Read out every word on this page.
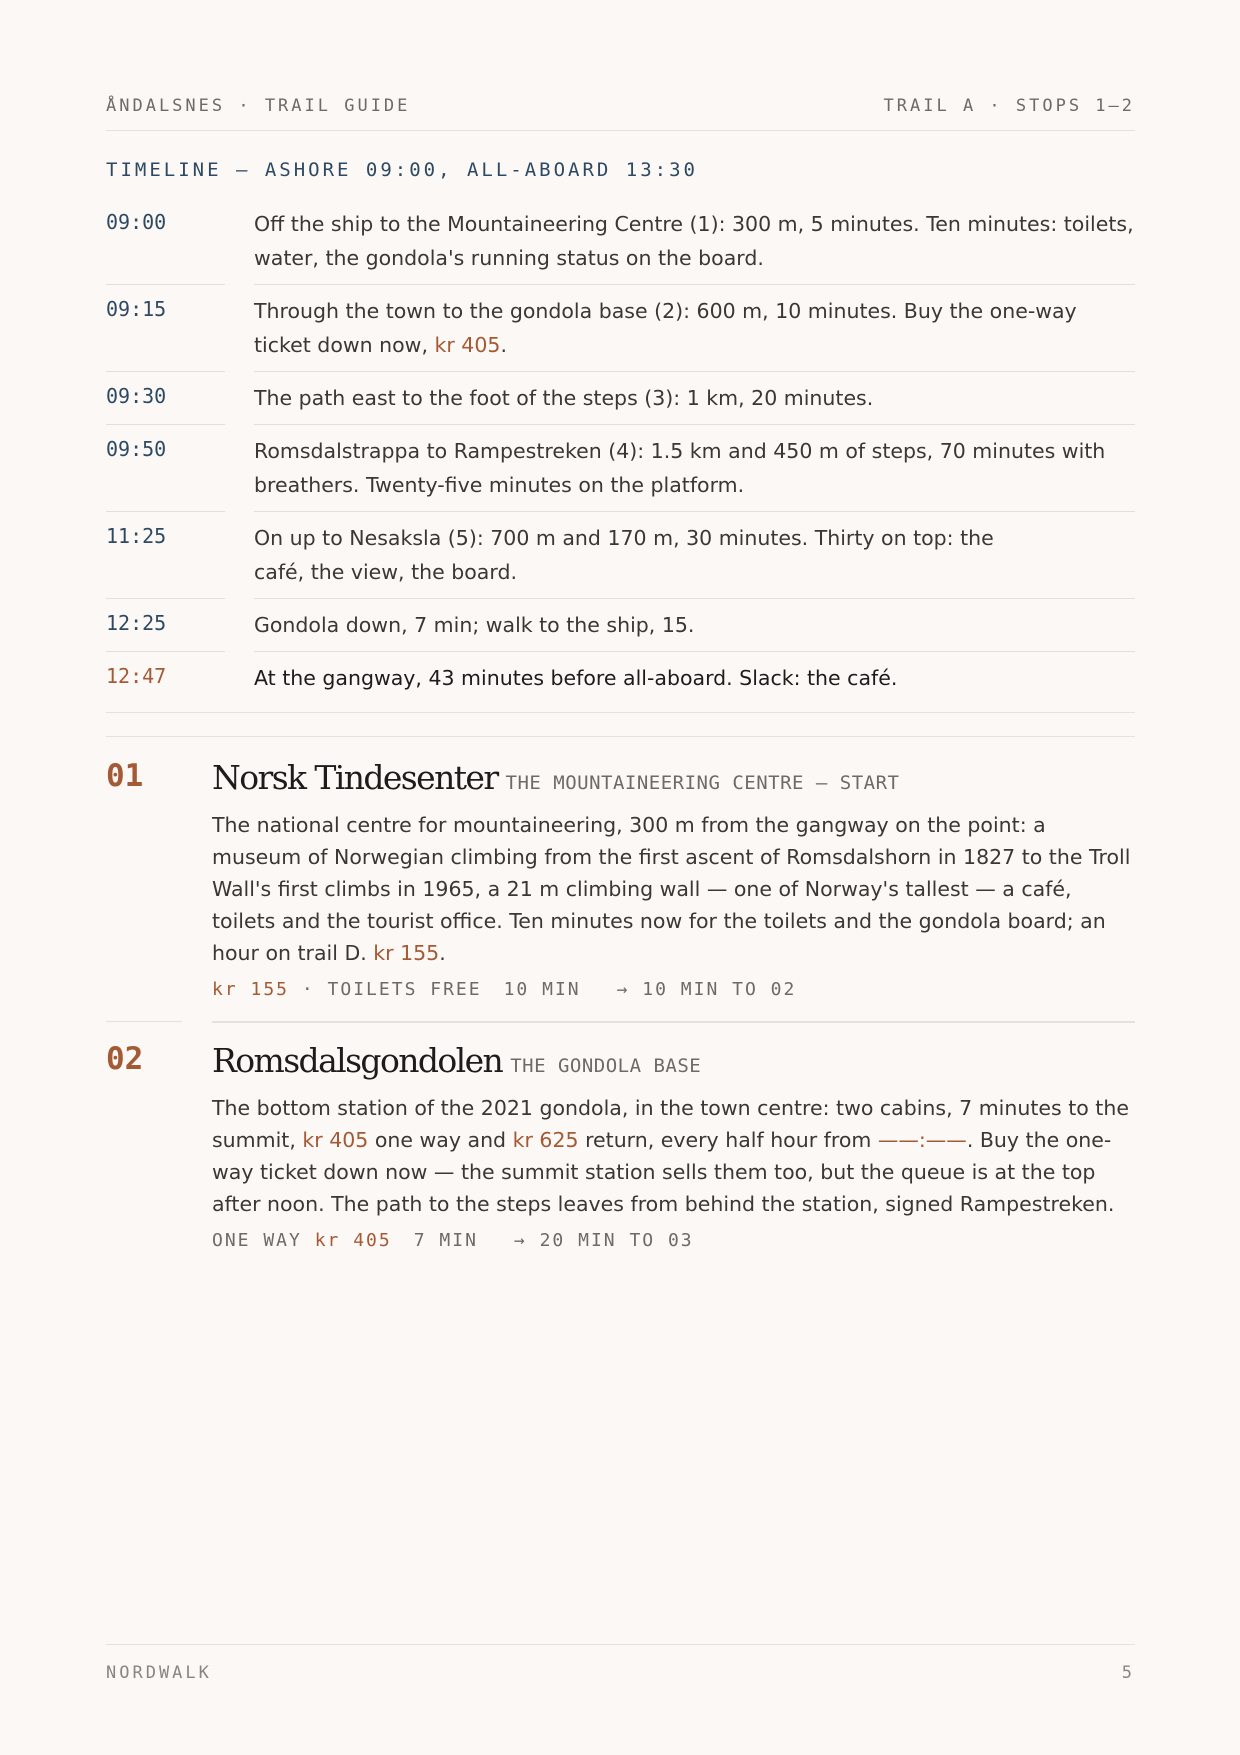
ÅNDALSNES · TRAIL GUIDE	TRAIL A · STOPS 1–2
TIMELINE — ASHORE 09:00, ALL-ABOARD 13:30
09:00	Off the ship to the Mountaineering Centre (1): 300 m, 5 minutes. Ten minutes: toilets, water, the gondola's running status on the board.
09:15	Through the town to the gondola base (2): 600 m, 10 minutes. Buy the one-way ticket down now, kr 405.
09:30	The path east to the foot of the steps (3): 1 km, 20 minutes.
09:50	Romsdalstrappa to Rampestreken (4): 1.5 km and 450 m of steps, 70 minutes with breathers. Twenty-five minutes on the platform.
11:25	On up to Nesaksla (5): 700 m and 170 m, 30 minutes. Thirty on top: the
café, the view, the board.
12:25	Gondola down, 7 min; walk to the ship, 15.
12:47	At the gangway, 43 minutes before all-aboard. Slack: the café.
01 Norsk Tindesenter THE MOUNTAINEERING CENTRE — START
The national centre for mountaineering, 300 m from the gangway on the point: a museum of Norwegian climbing from the first ascent of Romsdalshorn in 1827 to the Troll Wall's first climbs in 1965, a 21 m climbing wall — one of Norway's tallest — a café, toilets and the tourist office. Ten minutes now for the toilets and the gondola board; an hour on trail D. kr 155.
kr 155 · TOILETS FREE 10 MIN → 10 MIN TO 02
02 Romsdalsgondolen THE GONDOLA BASE
The bottom station of the 2021 gondola, in the town centre: two cabins, 7 minutes to the summit, kr 405 one way and kr 625 return, every half hour from ——:——. Buy the one-way ticket down now — the summit station sells them too, but the queue is at the top after noon. The path to the steps leaves from behind the station, signed Rampestreken.
ONE WAY kr 405 7 MIN → 20 MIN TO 03
NORDWALK	5
